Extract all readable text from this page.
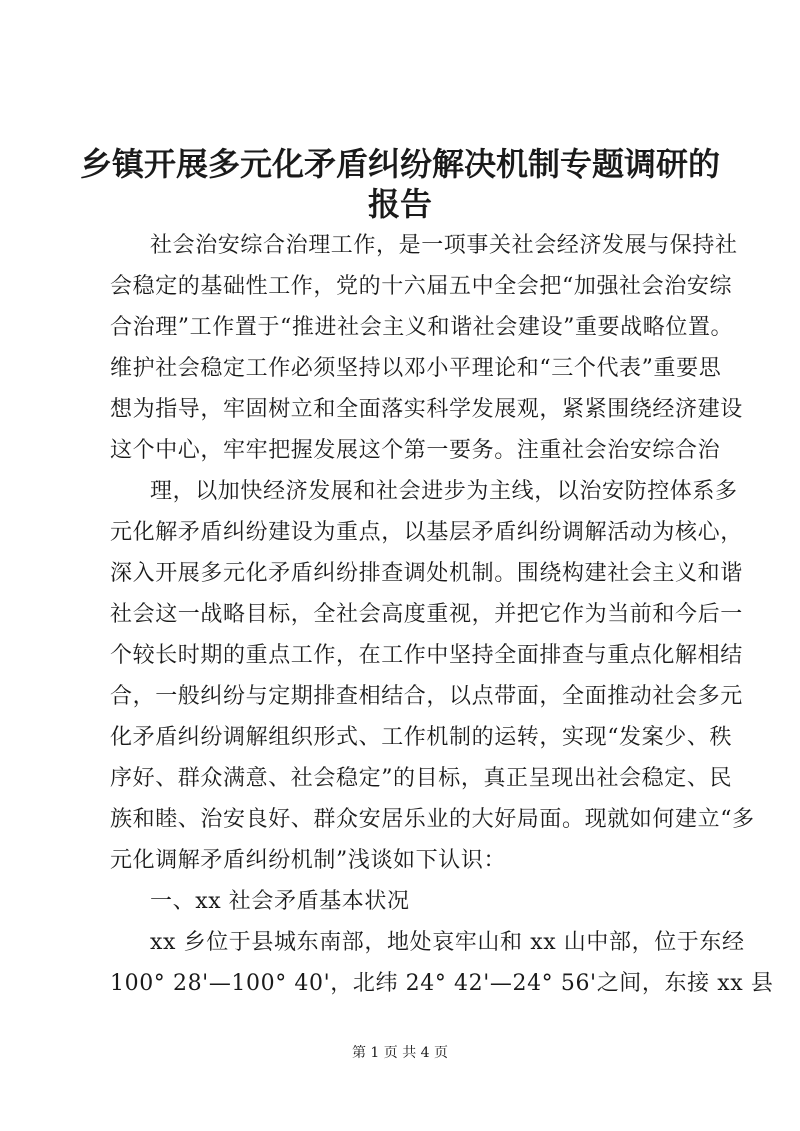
乡镇开展多元化矛盾纠纷解决机制专题调研的
报告
社会治安综合治理工作，是一项事关社会经济发展与保持社
会稳定的基础性工作，党的十六届五中全会把“加强社会治安综
合治理”工作置于“推进社会主义和谐社会建设”重要战略位置。
维护社会稳定工作必须坚持以邓小平理论和“三个代表”重要思
想为指导，牢固树立和全面落实科学发展观，紧紧围绕经济建设
这个中心，牢牢把握发展这个第一要务。注重社会治安综合治
理，以加快经济发展和社会进步为主线，以治安防控体系多
元化解矛盾纠纷建设为重点，以基层矛盾纠纷调解活动为核心，
深入开展多元化矛盾纠纷排查调处机制。围绕构建社会主义和谐
社会这一战略目标，全社会高度重视，并把它作为当前和今后一
个较长时期的重点工作，在工作中坚持全面排查与重点化解相结
合，一般纠纷与定期排查相结合，以点带面，全面推动社会多元
化矛盾纠纷调解组织形式、工作机制的运转，实现“发案少、秩
序好、群众满意、社会稳定”的目标，真正呈现出社会稳定、民
族和睦、治安良好、群众安居乐业的大好局面。现就如何建立“多
元化调解矛盾纠纷机制”浅谈如下认识：
一、xx 社会矛盾基本状况
xx 乡位于县城东南部，地处哀牢山和 xx 山中部，位于东经
100° 28'—100° 40'，北纬 24° 42'—24° 56'之间，东接 xx 县
第 1 页 共 4 页
